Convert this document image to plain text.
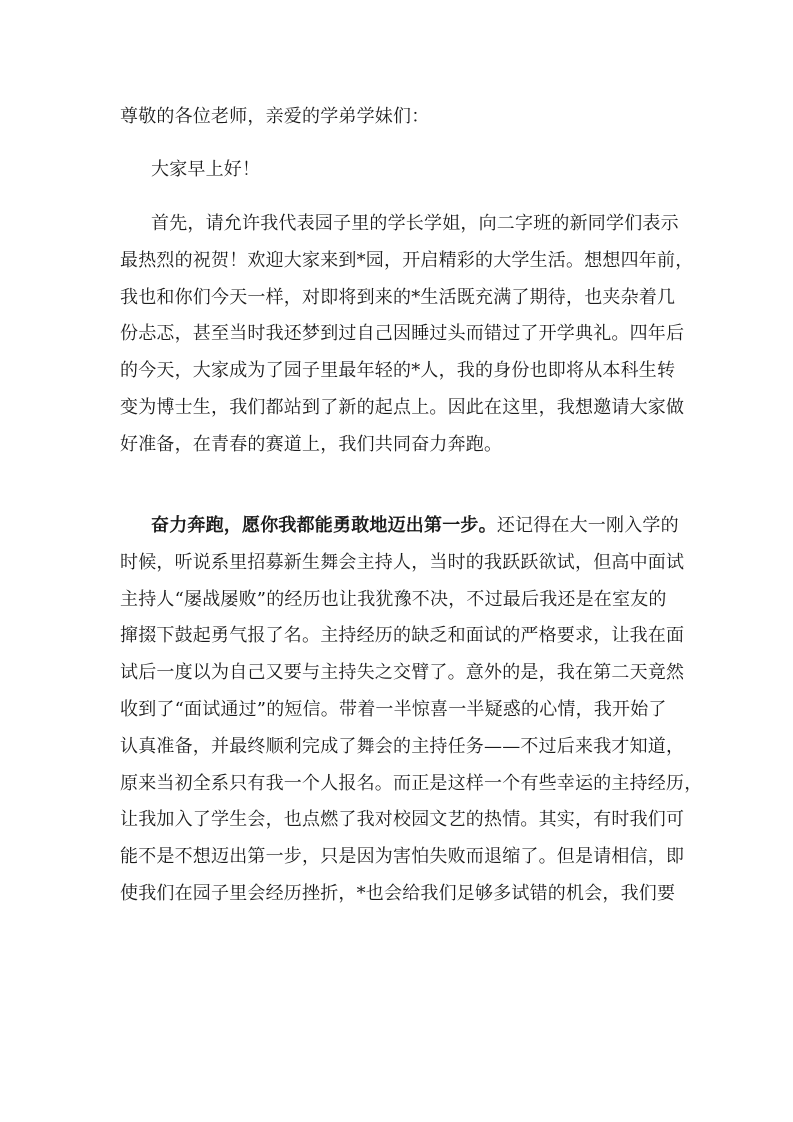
尊敬的各位老师，亲爱的学弟学妹们：
大家早上好！
首先，请允许我代表园子里的学长学姐，向二字班的新同学们表示
最热烈的祝贺！欢迎大家来到*园，开启精彩的大学生活。想想四年前，
我也和你们今天一样，对即将到来的*生活既充满了期待，也夹杂着几
份忐忑，甚至当时我还梦到过自己因睡过头而错过了开学典礼。四年后
的今天，大家成为了园子里最年轻的*人，我的身份也即将从本科生转
变为博士生，我们都站到了新的起点上。因此在这里，我想邀请大家做
好准备，在青春的赛道上，我们共同奋力奔跑。
奋力奔跑，愿你我都能勇敢地迈出第一步。还记得在大一刚入学的
时候，听说系里招募新生舞会主持人，当时的我跃跃欲试，但高中面试
主持人“屡战屡败”的经历也让我犹豫不决，不过最后我还是在室友的
撺掇下鼓起勇气报了名。主持经历的缺乏和面试的严格要求，让我在面
试后一度以为自己又要与主持失之交臂了。意外的是，我在第二天竟然
收到了“面试通过”的短信。带着一半惊喜一半疑惑的心情，我开始了
认真准备，并最终顺利完成了舞会的主持任务——不过后来我才知道，
原来当初全系只有我一个人报名。而正是这样一个有些幸运的主持经历，
让我加入了学生会，也点燃了我对校园文艺的热情。其实，有时我们可
能不是不想迈出第一步，只是因为害怕失败而退缩了。但是请相信，即
使我们在园子里会经历挫折，*也会给我们足够多试错的机会，我们要
